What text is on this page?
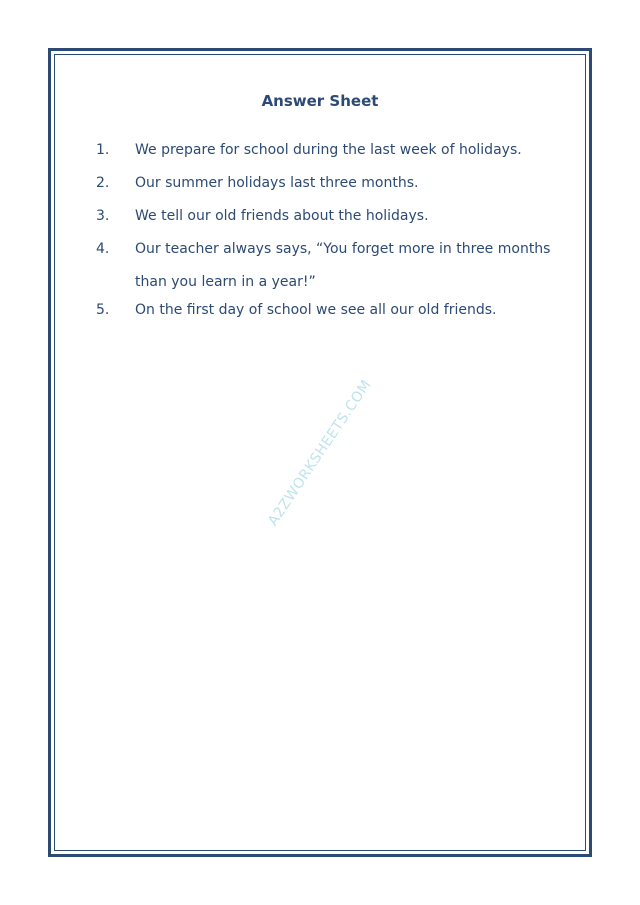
Answer Sheet
1.	We prepare for school during the last week of holidays.
2.	Our summer holidays last three months.
3.	We tell our old friends about the holidays.
4.	Our teacher always says, “You forget more in three months than you learn in a year!”
5.	On the first day of school we see all our old friends.
A2ZWORKSHEETS.COM
